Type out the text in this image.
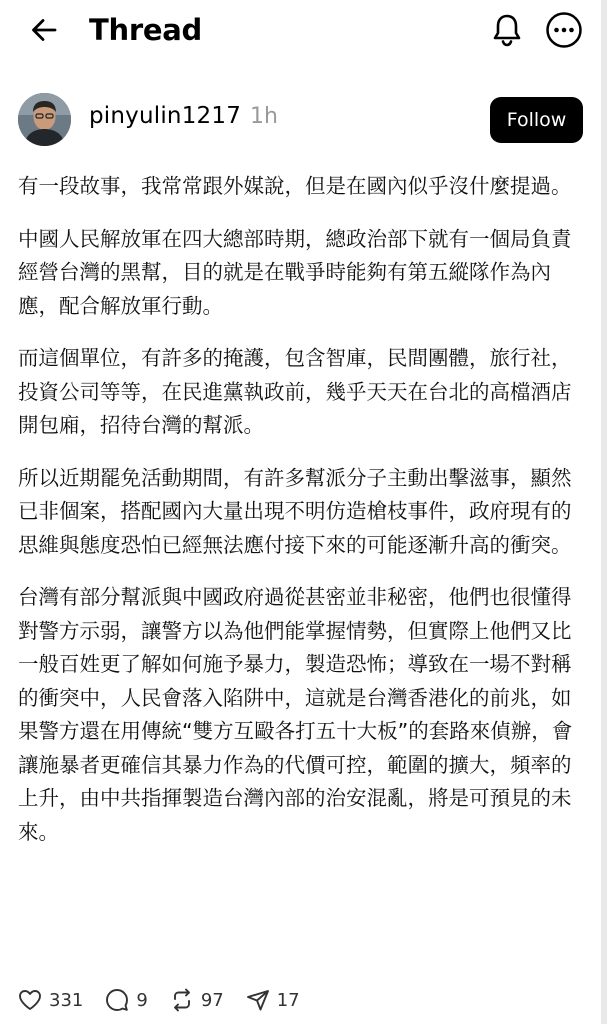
Thread
pinyulin1217 1h	Follow

有一段故事，我常常跟外媒說，但是在國內似乎沒什麼提過。

中國人民解放軍在四大總部時期，總政治部下就有一個局負責經營台灣的黑幫，目的就是在戰爭時能夠有第五縱隊作為內應，配合解放軍行動。

而這個單位，有許多的掩護，包含智庫，民間團體，旅行社，投資公司等等，在民進黨執政前，幾乎天天在台北的高檔酒店開包廂，招待台灣的幫派。

所以近期罷免活動期間，有許多幫派分子主動出擊滋事，顯然已非個案，搭配國內大量出現不明仿造槍枝事件，政府現有的思維與態度恐怕已經無法應付接下來的可能逐漸升高的衝突。

台灣有部分幫派與中國政府過從甚密並非秘密，他們也很懂得對警方示弱，讓警方以為他們能掌握情勢，但實際上他們又比一般百姓更了解如何施予暴力，製造恐怖；導致在一場不對稱的衝突中，人民會落入陷阱中，這就是台灣香港化的前兆，如果警方還在用傳統“雙方互毆各打五十大板”的套路來偵辦，會讓施暴者更確信其暴力作為的代價可控，範圍的擴大，頻率的上升，由中共指揮製造台灣內部的治安混亂，將是可預見的未來。

331	9	97	17
